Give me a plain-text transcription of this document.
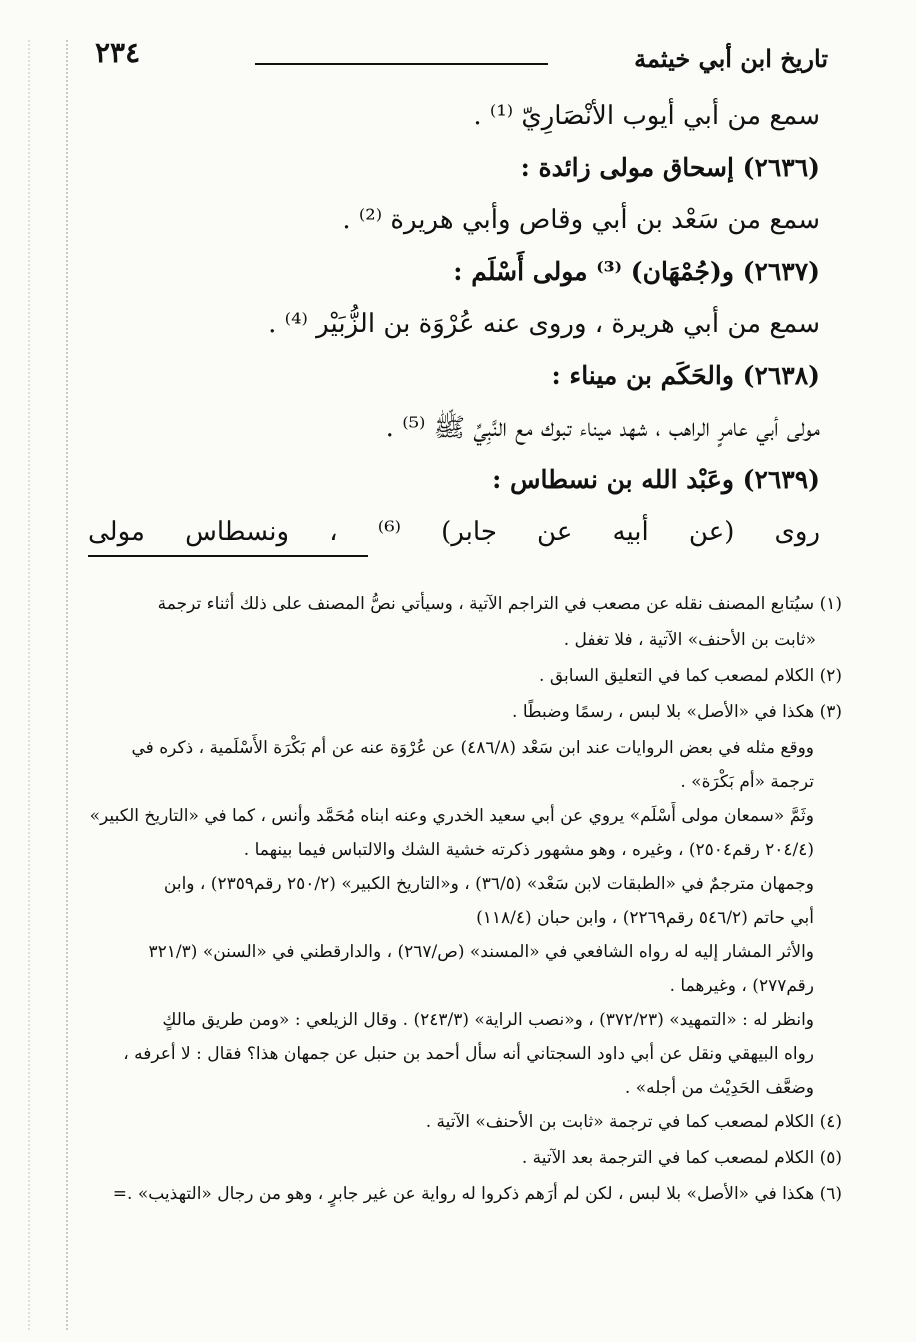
تاريخ ابن أبي خيثمة
٢٣٤
سمع من أبي أيوب الأنْصَارِيّ ⁽¹⁾ .
(٢٦٣٦) إسحاق مولى زائدة :
سمع من سَعْد بن أبي وقاص وأبي هريرة ⁽²⁾ .
(٢٦٣٧) و(جُمْهَان) ⁽³⁾ مولى أَسْلَم :
سمع من أبي هريرة ، وروى عنه عُرْوَة بن الزُّبَيْر ⁽⁴⁾ .
(٢٦٣٨) والحَكَم بن ميناء :
مولى أبي عامرٍ الراهب ، شهد ميناء تبوك مع النَّبِيِّ ﷺ ⁽⁵⁾ .
(٢٦٣٩) وعَبْد الله بن نسطاس :
روى (عن أبيه عن جابر) ⁽⁶⁾ ، ونسطاس مولى
(١) سيُتابع المصنف نقله عن مصعب في التراجم الآتية ، وسيأتي نصُّ المصنف على ذلك أثناء ترجمة
«ثابت بن الأحنف» الآتية ، فلا تغفل .
(٢) الكلام لمصعب كما في التعليق السابق .
(٣) هكذا في «الأصل» بلا لبس ، رسمًا وضبطًا .
ووقع مثله في بعض الروايات عند ابن سَعْد (٤٨٦/٨) عن عُرْوَة عنه عن أم بَكْرَة الأَسْلَمية ، ذكره في
ترجمة «أم بَكْرَة» .
وثَمَّ «سمعان مولى أَسْلَم» يروي عن أبي سعيد الخدري وعنه ابناه مُحَمَّد وأنس ، كما في «التاريخ الكبير»
(٢٠٤/٤ رقم٢٥٠٤) ، وغيره ، وهو مشهور ذكرته خشية الشك والالتباس فيما بينهما .
وجمهان مترجمٌ في «الطبقات لابن سَعْد» (٣٦/٥) ، و«التاريخ الكبير» (٢٥٠/٢ رقم٢٣٥٩) ، وابن
أبي حاتم (٥٤٦/٢ رقم٢٢٦٩) ، وابن حبان (١١٨/٤)
والأثر المشار إليه له رواه الشافعي في «المسند» (ص/٢٦٧) ، والدارقطني في «السنن» (٣٢١/٣
رقم٢٧٧) ، وغيرهما .
وانظر له : «التمهيد» (٣٧٢/٢٣) ، و«نصب الراية» (٢٤٣/٣) . وقال الزيلعي : «ومن طريق مالكٍ
رواه البيهقي ونقل عن أبي داود السجتاني أنه سأل أحمد بن حنبل عن جمهان هذا؟ فقال : لا أعرفه ،
وضعَّف الحَدِيْث من أجله» .
(٤) الكلام لمصعب كما في ترجمة «ثابت بن الأحنف» الآتية .
(٥) الكلام لمصعب كما في الترجمة بعد الآتية .
(٦) هكذا في «الأصل» بلا لبس ، لكن لم أرَهم ذكروا له رواية عن غير جابرٍ ، وهو من رجال «التهذيب» .=
